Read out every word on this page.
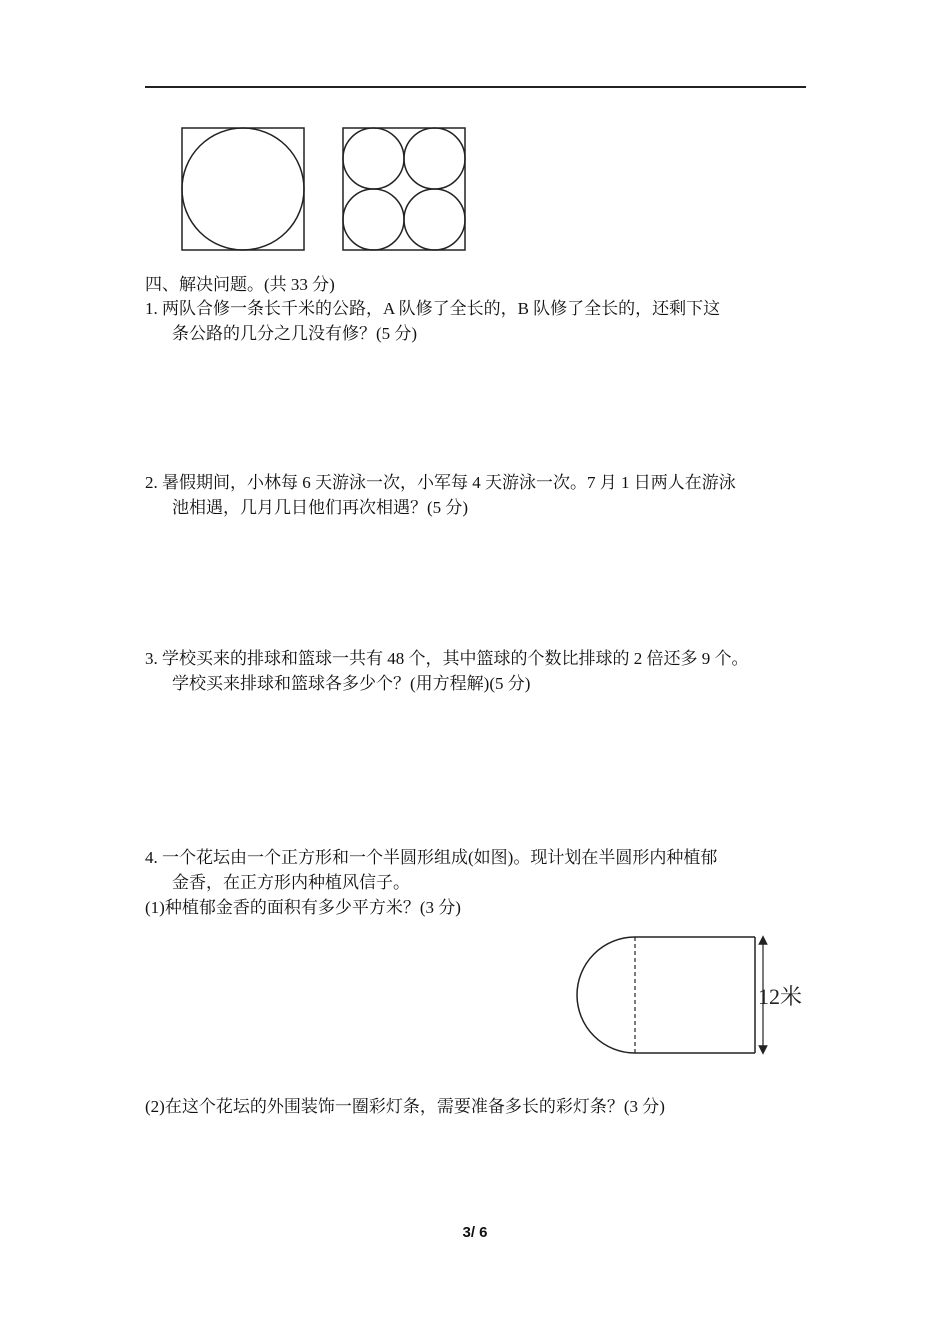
四、解决问题。(共 33 分)
1. 两队合修一条长千米的公路，A 队修了全长的，B 队修了全长的，还剩下这
条公路的几分之几没有修？(5 分)
2. 暑假期间，小林每 6 天游泳一次，小军每 4 天游泳一次。7 月 1 日两人在游泳
池相遇，几月几日他们再次相遇？(5 分)
3. 学校买来的排球和篮球一共有 48 个，其中篮球的个数比排球的 2 倍还多 9 个。
学校买来排球和篮球各多少个？(用方程解)(5 分)
4. 一个花坛由一个正方形和一个半圆形组成(如图)。现计划在半圆形内种植郁
金香，在正方形内种植风信子。
(1)种植郁金香的面积有多少平方米？(3 分)
12米
(2)在这个花坛的外围装饰一圈彩灯条，需要准备多长的彩灯条？(3 分)
3/ 6
